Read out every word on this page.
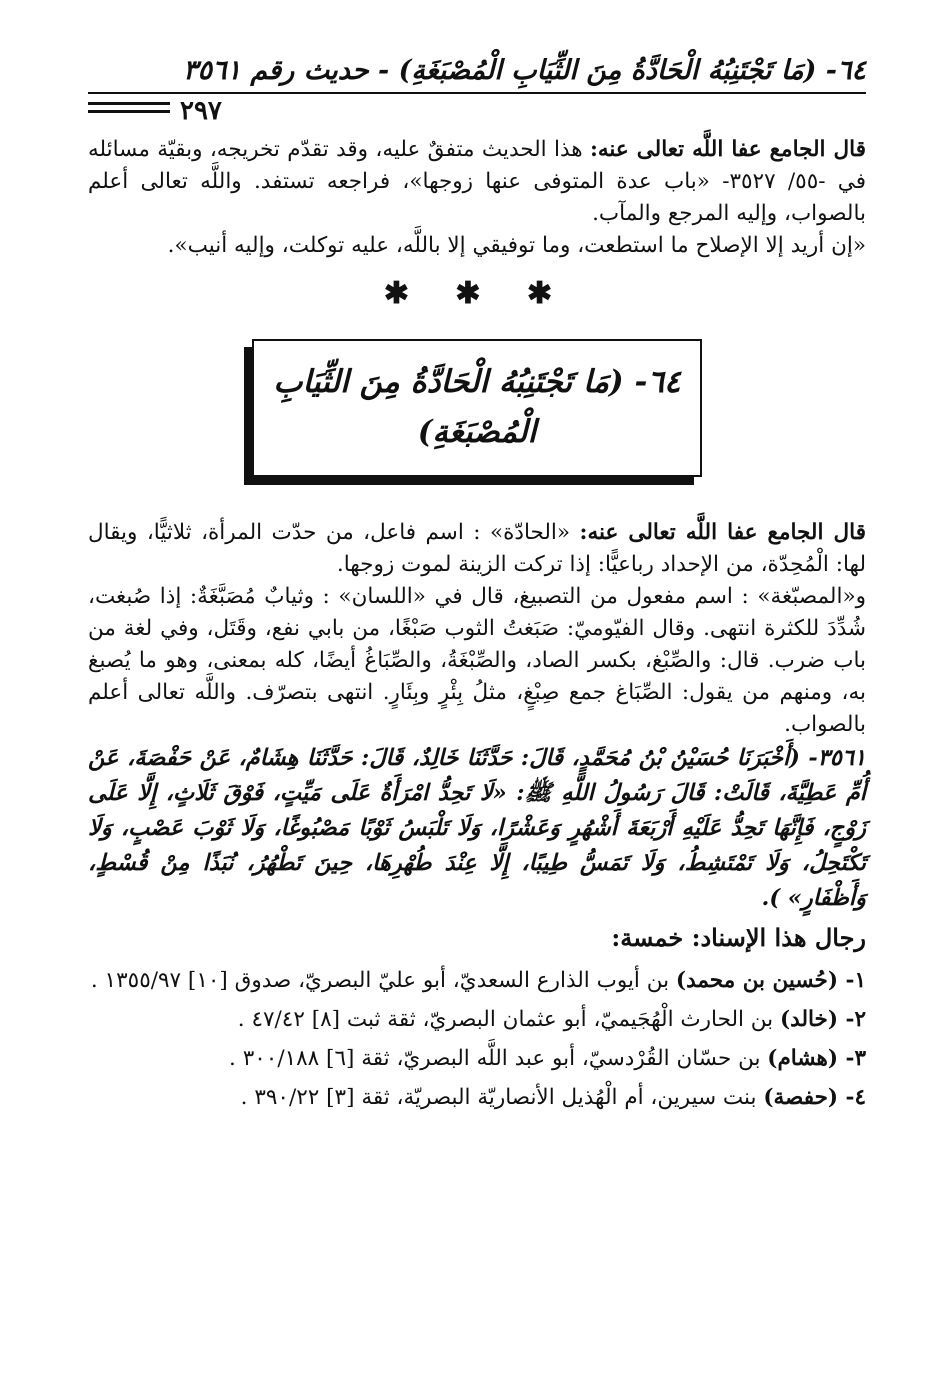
٦٤- (مَا تَجْتَنِبُهُ الْحَادَّةُ مِنَ الثِّيَابِ الْمُصْبَغَةِ) - حديث رقم ٣٥٦١
٢٩٧

قال الجامع عفا اللَّه تعالى عنه: هذا الحديث متفقٌ عليه، وقد تقدّم تخريجه، وبقيّة مسائله في -٥٥/ ٣٥٢٧- «باب عدة المتوفى عنها زوجها»، فراجعه تستفد. واللَّه تعالى أعلم بالصواب، وإليه المرجع والمآب.

«إن أريد إلا الإصلاح ما استطعت، وما توفيقي إلا باللَّه، عليه توكلت، وإليه أنيب».

✱ ✱ ✱
٦٤- (مَا تَجْتَنِبُهُ الْحَادَّةُ مِنَ الثِّيَابِ
الْمُصْبَغَةِ)

قال الجامع عفا اللَّه تعالى عنه: «الحادّة» : اسم فاعل، من حدّت المرأة، ثلاثيًّا، ويقال لها: الْمُحِدّة، من الإحداد رباعيًّا: إذا تركت الزينة لموت زوجها.

و«المصبّغة» : اسم مفعول من التصبيغ، قال في «اللسان» : وثيابٌ مُصَبَّغَةٌ: إذا صُبغت، شُدِّدَ للكثرة انتهى. وقال الفيّوميّ: صَبَغتُ الثوب صَبْغًا، من بابي نفع، وقَتَل، وفي لغة من باب ضرب. قال: والصِّبْغ، بكسر الصاد، والصِّبْغَةُ، والصِّبَاغُ أيضًا، كله بمعنى، وهو ما يُصبغ به، ومنهم من يقول: الصِّبَاغ جمع صِبْغٍ، مثلُ بِئْرٍ وبِئَارٍ. انتهى بتصرّف. واللَّه تعالى أعلم بالصواب.

٣٥٦١- (أَخْبَرَنَا حُسَيْنُ بْنُ مُحَمَّدٍ، قَالَ: حَدَّثَنَا خَالِدٌ، قَالَ: حَدَّثَنَا هِشَامٌ، عَنْ حَفْصَةَ، عَنْ أُمِّ عَطِيَّةَ، قَالَتْ: قَالَ رَسُولُ اللَّهِ ﷺ: «لَا تَحِدُّ امْرَأَةٌ عَلَى مَيِّتٍ، فَوْقَ ثَلَاثٍ، إِلَّا عَلَى زَوْجٍ، فَإِنَّهَا تَحِدُّ عَلَيْهِ أَرْبَعَةَ أَشْهُرٍ وَعَشْرًا، وَلَا تَلْبَسُ ثَوْبًا مَصْبُوغًا، وَلَا ثَوْبَ عَصْبٍ، وَلَا تَكْتَحِلُ، وَلَا تَمْتَشِطُ، وَلَا تَمَسُّ طِيبًا، إِلَّا عِنْدَ طُهْرِهَا، حِينَ تَطْهُرُ، نُبَذًا مِنْ قُسْطٍ، وَأَظْفَارٍ» ).

رجال هذا الإسناد: خمسة:

١- (حُسين بن محمد) بن أيوب الذارع السعديّ، أبو عليّ البصريّ، صدوق [١٠] ١٣٥٥/٩٧ .

٢- (خالد) بن الحارث الْهُجَيميّ، أبو عثمان البصريّ، ثقة ثبت [٨] ٤٧/٤٢ .

٣- (هشام) بن حسّان القُرْدسيّ، أبو عبد اللَّه البصريّ، ثقة [٦] ٣٠٠/١٨٨ .

٤- (حفصة) بنت سيرين، أم الْهُذيل الأنصاريّة البصريّة، ثقة [٣] ٣٩٠/٢٢ .
